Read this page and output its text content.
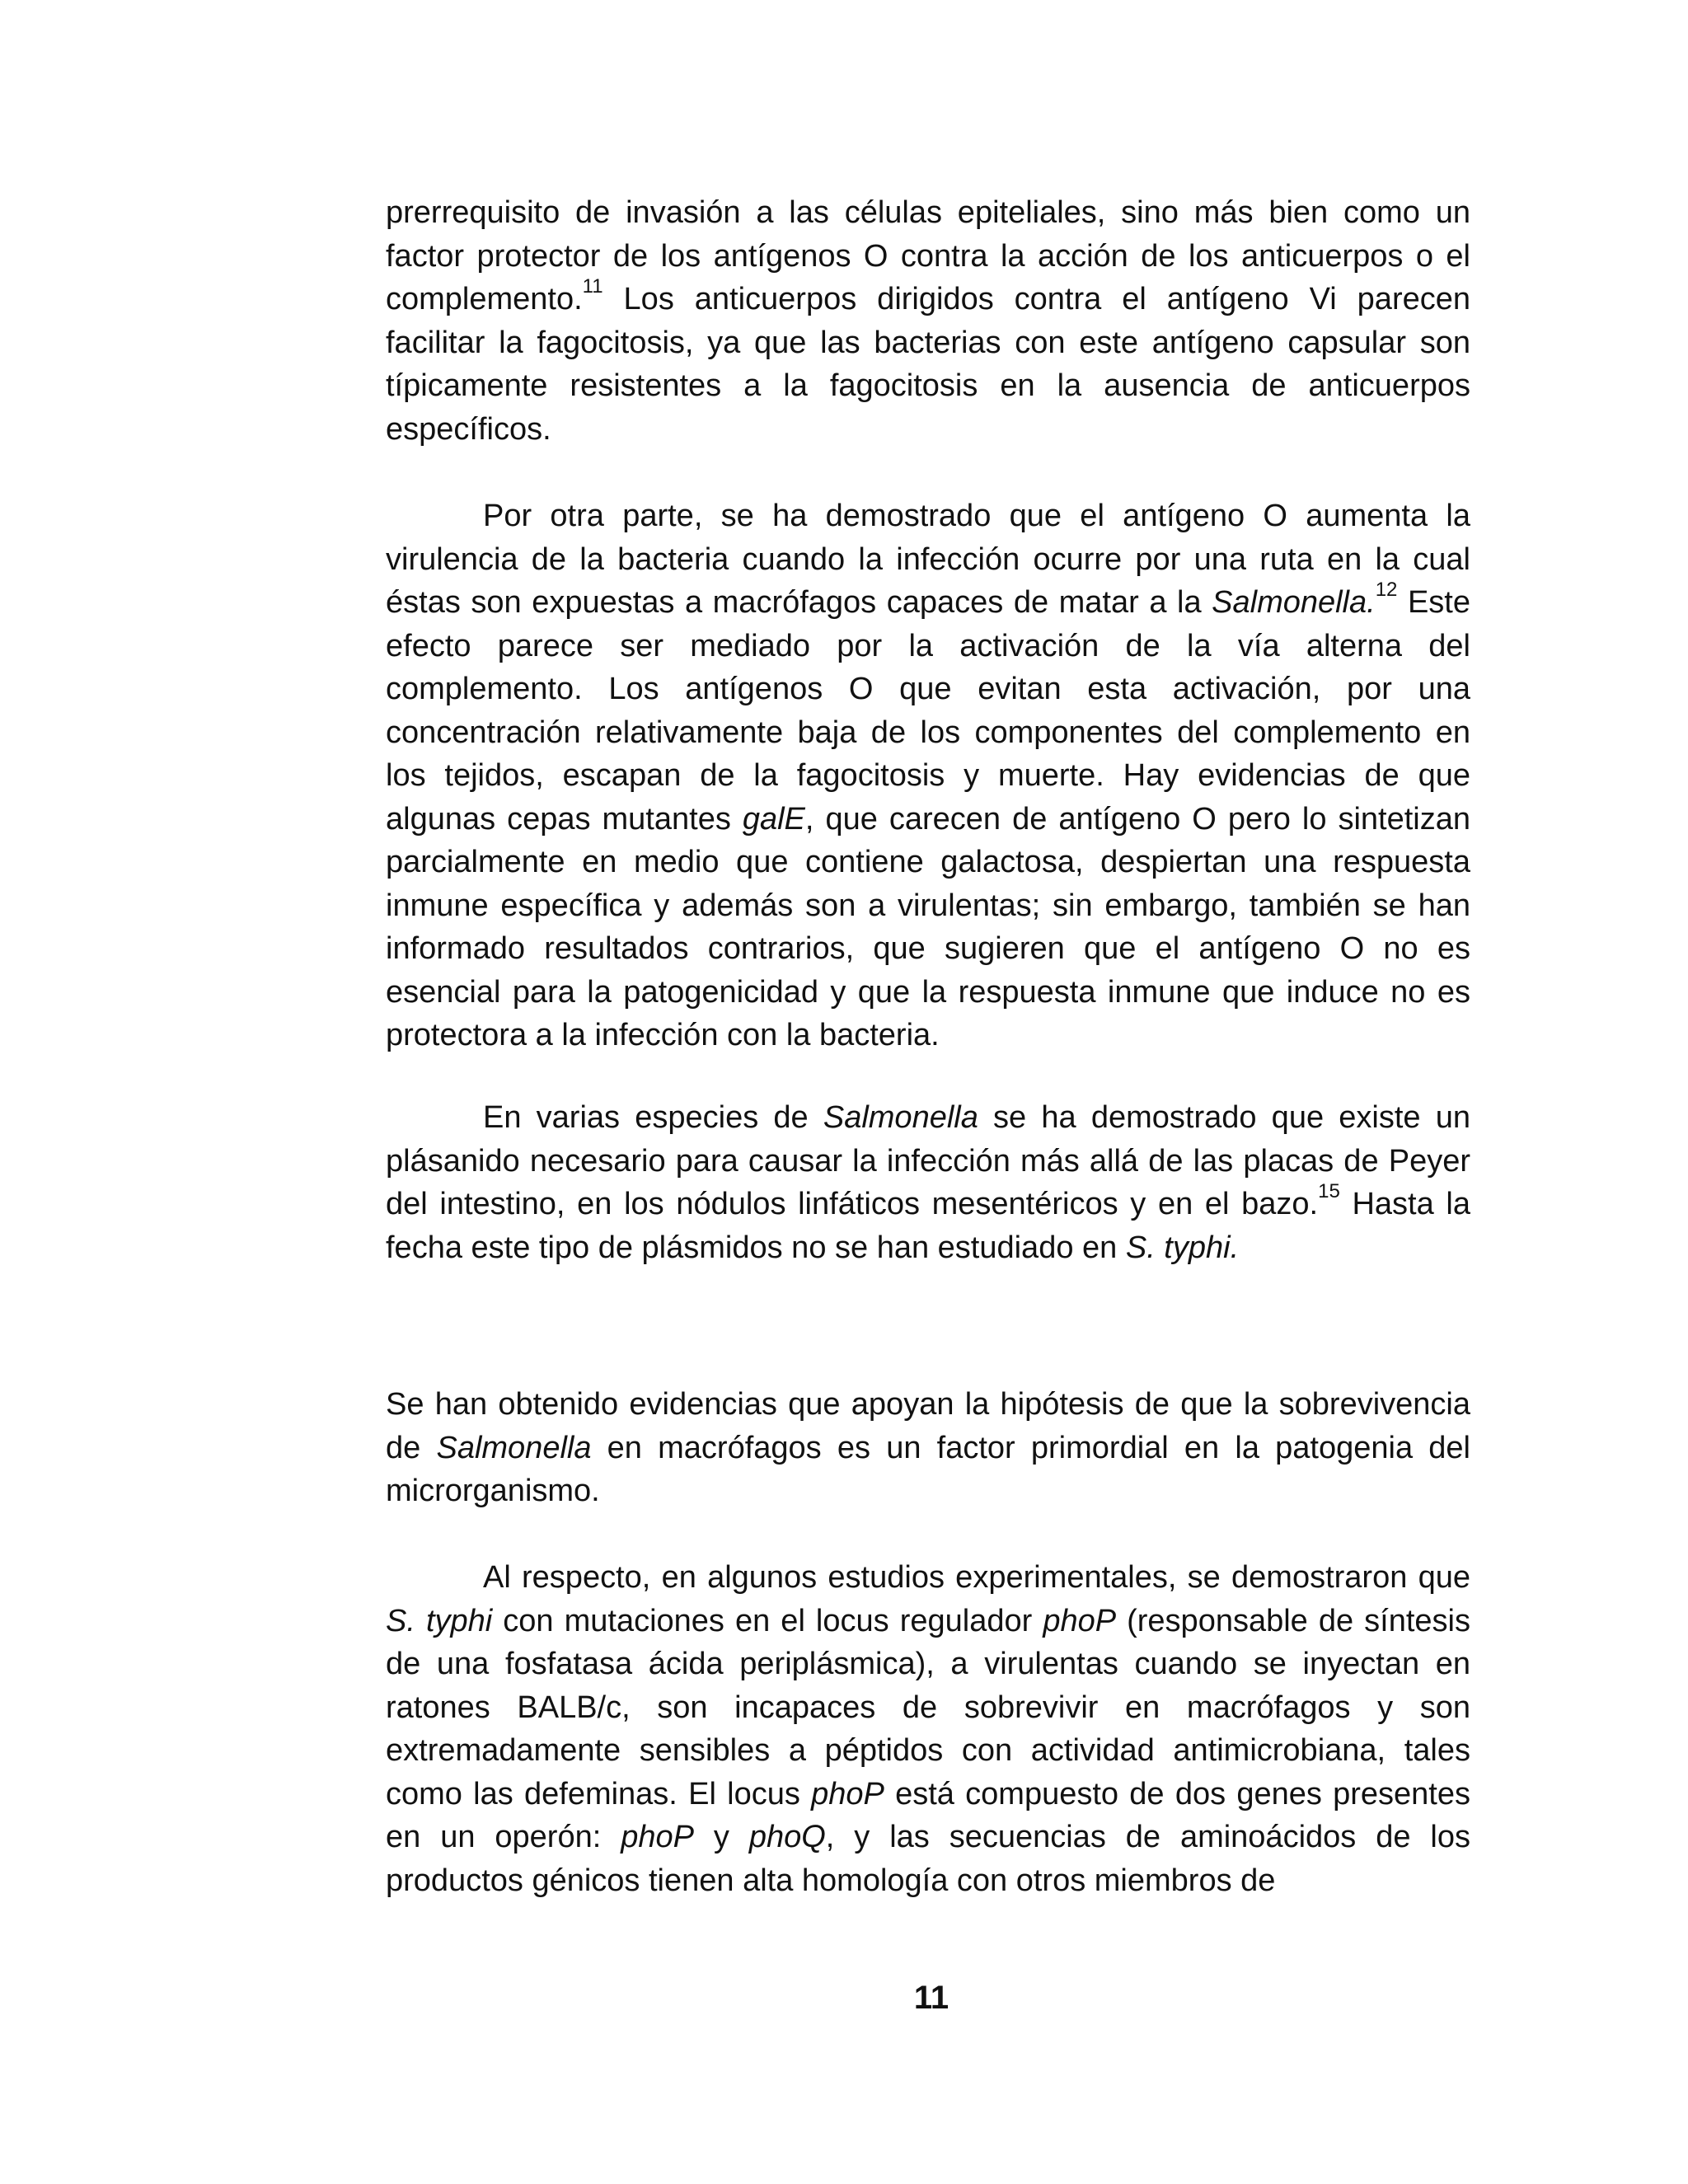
prerrequisito de invasión a las células epiteliales, sino más bien como un factor protector de los antígenos O contra la acción de los anticuerpos o el complemento.$^{11}$ Los anticuerpos dirigidos contra el antígeno Vi parecen facilitar la fagocitosis, ya que las bacterias con este antígeno capsular son típicamente resistentes a la fagocitosis en la ausencia de anticuerpos específicos.

Por otra parte, se ha demostrado que el antígeno O aumenta la virulencia de la bacteria cuando la infección ocurre por una ruta en la cual éstas son expuestas a macrófagos capaces de matar a la Salmonella.$^{12}$ Este efecto parece ser mediado por la activación de la vía alterna del complemento. Los antígenos O que evitan esta activación, por una concentración relativamente baja de los componentes del complemento en los tejidos, escapan de la fagocitosis y muerte. Hay evidencias de que algunas cepas mutantes galE, que carecen de antígeno O pero lo sintetizan parcialmente en medio que contiene galactosa, despiertan una respuesta inmune específica y además son a virulentas; sin embargo, también se han informado resultados contrarios, que sugieren que el antígeno O no es esencial para la patogenicidad y que la respuesta inmune que induce no es protectora a la infección con la bacteria.

En varias especies de Salmonella se ha demostrado que existe un plásanido necesario para causar la infección más allá de las placas de Peyer del intestino, en los nódulos linfáticos mesentéricos y en el bazo.$^{15}$ Hasta la fecha este tipo de plásmidos no se han estudiado en S. typhi.

Se han obtenido evidencias que apoyan la hipótesis de que la sobrevivencia de Salmonella en macrófagos es un factor primordial en la patogenia del microrganismo.

Al respecto, en algunos estudios experimentales, se demostraron que S. typhi con mutaciones en el locus regulador phoP (responsable de síntesis de una fosfatasa ácida periplásmica), a virulentas cuando se inyectan en ratones BALB/c, son incapaces de sobrevivir en macrófagos y son extremadamente sensibles a péptidos con actividad antimicrobiana, tales como las defeminas. El locus phoP está compuesto de dos genes presentes en un operón: phoP y phoQ, y las secuencias de aminoácidos de los productos génicos tienen alta homología con otros miembros de

11
